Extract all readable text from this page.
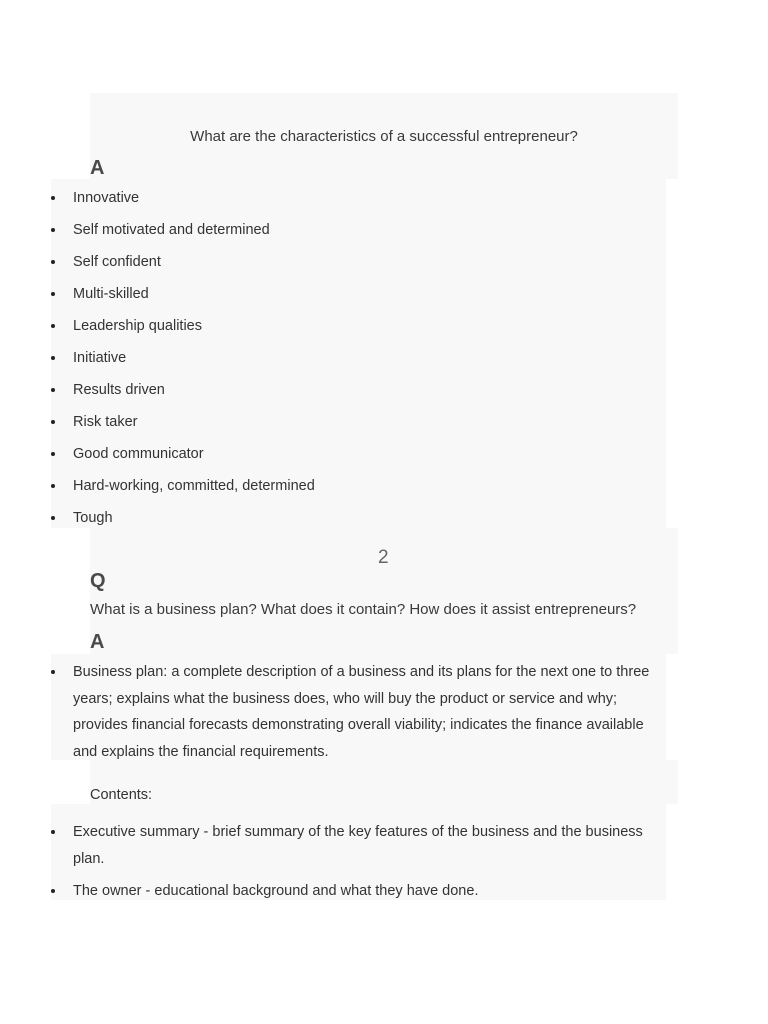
What are the characteristics of a successful entrepreneur?
A
Innovative
Self motivated and determined
Self confident
Multi-skilled
Leadership qualities
Initiative
Results driven
Risk taker
Good communicator
Hard-working, committed, determined
Tough
2
Q
What is a business plan? What does it contain? How does it assist entrepreneurs?
A
Business plan: a complete description of a business and its plans for the next one to three years; explains what the business does, who will buy the product or service and why; provides financial forecasts demonstrating overall viability; indicates the finance available and explains the financial requirements.
Contents:
Executive summary - brief summary of the key features of the business and the business plan.
The owner - educational background and what they have done.
